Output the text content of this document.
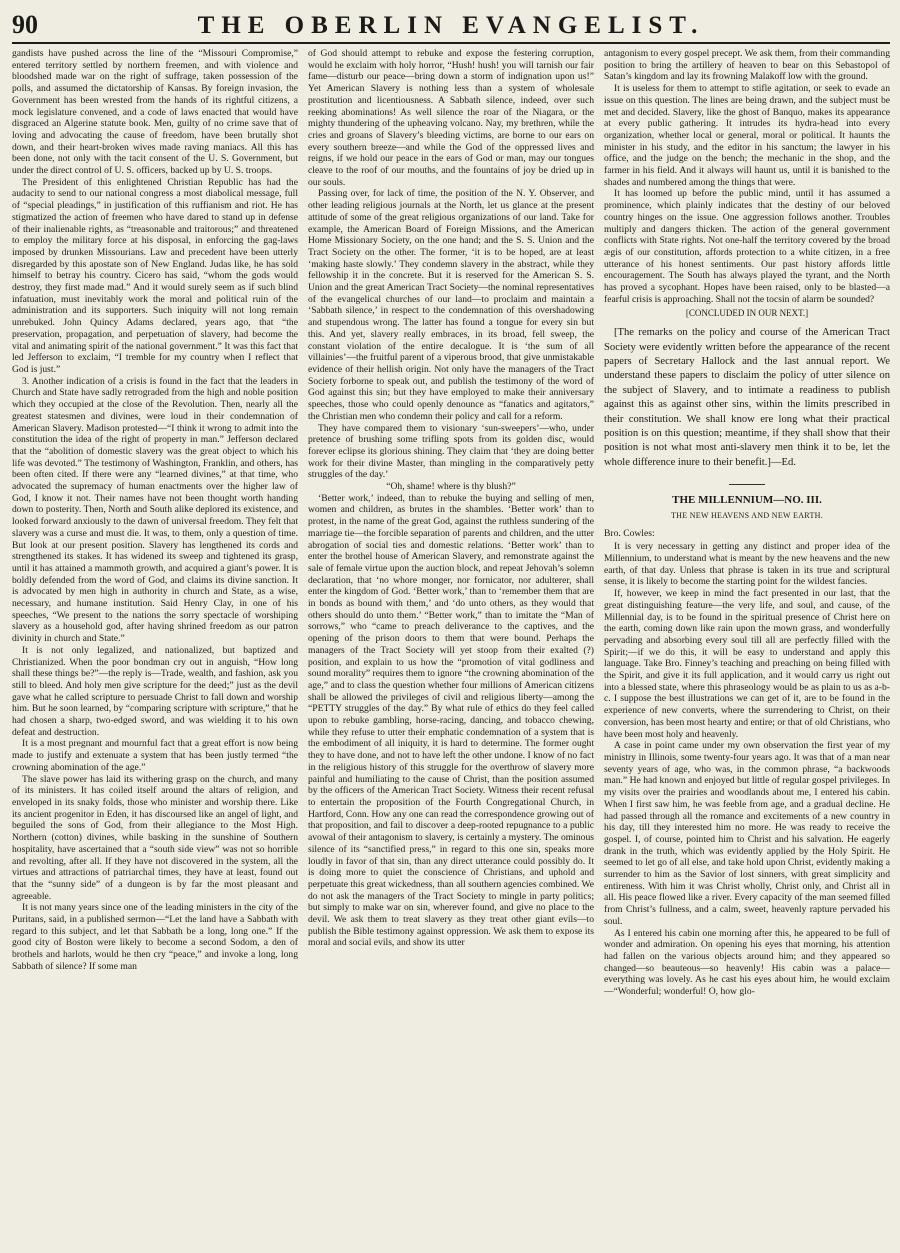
90	THE OBERLIN EVANGELIST.

gandists have pushed across the line of the “Missouri Compromise,” entered territory settled by northern freemen, and with violence and bloodshed made war on the right of suffrage, taken possession of the polls, and assumed the dictatorship of Kansas. By foreign invasion, the Government has been wrested from the hands of its rightful citizens, a mock legislature convened, and a code of laws enacted that would have disgraced an Algerine statute book. Men, guilty of no crime save that of loving and advocating the cause of freedom, have been brutally shot down, and their heart-broken wives made raving maniacs. All this has been done, not only with the tacit consent of the U. S. Government, but under the direct control of U. S. officers, backed up by U. S. troops.

The President of this enlightened Christian Republic has had the audacity to send to our national congress a most diabolical message, full of “special pleadings,” in justification of this ruffianism and riot. He has stigmatized the action of freemen who have dared to stand up in defense of their inalienable rights, as “treasonable and traitorous;” and threatened to employ the military force at his disposal, in enforcing the gag-laws imposed by drunken Missourians. Law and precedent have been utterly disregarded by this apostate son of New England. Judas like, he has sold himself to betray his country. Cicero has said, “whom the gods would destroy, they first made mad.” And it would surely seem as if such blind infatuation, must inevitably work the moral and political ruin of the administration and its supporters. Such iniquity will not long remain unrebuked. John Quincy Adams declared, years ago, that “the preservation, propagation, and perpetuation of slavery, had become the vital and animating spirit of the national government.” It was this fact that led Jefferson to exclaim, “I tremble for my country when I reflect that God is just.”

3. Another indication of a crisis is found in the fact that the leaders in Church and State have sadly retrograded from the high and noble position which they occupied at the close of the Revolution. Then, nearly all the greatest statesmen and divines, were loud in their condemnation of American Slavery. Madison protested—“I think it wrong to admit into the constitution the idea of the right of property in man.” Jefferson declared that the “abolition of domestic slavery was the great object to which his life was devoted.” The testimony of Washington, Franklin, and others, has been often cited. If there were any “learned divines,” at that time, who advocated the supremacy of human enactments over the higher law of God, I know it not. Their names have not been thought worth handing down to posterity. Then, North and South alike deplored its existence, and looked forward anxiously to the dawn of universal freedom. They felt that slavery was a curse and must die. It was, to them, only a question of time. But look at our present position. Slavery has lengthened its cords and strengthened its stakes. It has widened its sweep and tightened its grasp, until it has attained a mammoth growth, and acquired a giant’s power. It is boldly defended from the word of God, and claims its divine sanction. It is advocated by men high in authority in church and State, as a wise, necessary, and humane institution. Said Henry Clay, in one of his speeches, “We present to the nations the sorry spectacle of worshiping slavery as a household god, after having shrined freedom as our patron divinity in church and State.”

It is not only legalized, and nationalized, but baptized and Christianized. When the poor bondman cry out in anguish, “How long shall these things be?”—the reply is—Trade, wealth, and fashion, ask you still to bleed. And holy men give scripture for the deed;” just as the devil gave what he called scripture to persuade Christ to fall down and worship him. But he soon learned, by “comparing scripture with scripture,” that he had chosen a sharp, two-edged sword, and was wielding it to his own defeat and destruction.

It is a most pregnant and mournful fact that a great effort is now being made to justify and extenuate a system that has been justly termed “the crowning abomination of the age.”

The slave power has laid its withering grasp on the church, and many of its ministers. It has coiled itself around the altars of religion, and enveloped in its snaky folds, those who minister and worship there. Like its ancient progenitor in Eden, it has discoursed like an angel of light, and beguiled the sons of God, from their allegiance to the Most High. Northern (cotton) divines, while basking in the sunshine of Southern hospitality, have ascertained that a “south side view” was not so horrible and revolting, after all. If they have not discovered in the system, all the virtues and attractions of patriarchal times, they have at least, found out that the “sunny side” of a dungeon is by far the most pleasant and agreeable.

It is not many years since one of the leading ministers in the city of the Puritans, said, in a published sermon—“Let the land have a Sabbath with regard to this subject, and let that Sabbath be a long, long one.” If the good city of Boston were likely to become a second Sodom, a den of brothels and harlots, would he then cry “peace,” and invoke a long, long Sabbath of silence? If some man

of God should attempt to rebuke and expose the festering corruption, would he exclaim with holy horror, “Hush! hush! you will tarnish our fair fame—disturb our peace—bring down a storm of indignation upon us!” Yet American Slavery is nothing less than a system of wholesale prostitution and licentiousness. A Sabbath silence, indeed, over such reeking abominations! As well silence the roar of the Niagara, or the mighty thundering of the upheaving volcano. Nay, my brethren, while the cries and groans of Slavery’s bleeding victims, are borne to our ears on every southern breeze—and while the God of the oppressed lives and reigns, if we hold our peace in the ears of God or man, may our tongues cleave to the roof of our mouths, and the fountains of joy be dried up in our souls.

Passing over, for lack of time, the position of the N. Y. Observer, and other leading religious journals at the North, let us glance at the present attitude of some of the great religious organizations of our land. Take for example, the American Board of Foreign Missions, and the American Home Missionary Society, on the one hand; and the S. S. Union and the Tract Society on the other. The former, ‘it is to be hoped, are at least ‘making haste slowly.’ They condemn slavery in the abstract, while they fellowship it in the concrete. But it is reserved for the American S. S. Union and the great American Tract Society—the nominal representatives of the evangelical churches of our land—to proclaim and maintain a ‘Sabbath silence,’ in respect to the condemnation of this overshadowing and stupendous wrong. The latter has found a tongue for every sin but this. And yet, slavery really embraces, in its broad, fell sweep, the constant violation of the entire decalogue. It is ‘the sum of all villainies’—the fruitful parent of a viperous brood, that give unmistakable evidence of their hellish origin. Not only have the managers of the Tract Society forborne to speak out, and publish the testimony of the word of God against this sin; but they have employed to make their anniversary speeches, those who could openly denounce as “fanatics and agitators,” the Christian men who condemn their policy and call for a reform.

They have compared them to visionary ‘sun-sweepers’—who, under pretence of brushing some trifling spots from its golden disc, would forever eclipse its glorious shining. They claim that ‘they are doing better work for their divine Master, than mingling in the comparatively petty struggles of the day.’

“Oh, shame! where is thy blush?”

‘Better work,’ indeed, than to rebuke the buying and selling of men, women and children, as brutes in the shambles. ‘Better work’ than to protest, in the name of the great God, against the ruthless sundering of the marriage tie—the forcible separation of parents and children, and the utter abrogation of social ties and domestic relations. ‘Better work’ than to enter the brothel house of American Slavery, and remonstrate against the sale of female virtue upon the auction block, and repeat Jehovah’s solemn declaration, that ‘no whore monger, nor fornicator, nor adulterer, shall enter the kingdom of God. ‘Better work,’ than to ‘remember them that are in bonds as bound with them,’ and ‘do unto others, as they would that others should do unto them.’ “Better work,” than to imitate the “Man of sorrows,” who “came to preach deliverance to the captives, and the opening of the prison doors to them that were bound. Perhaps the managers of the Tract Society will yet stoop from their exalted (?) position, and explain to us how the “promotion of vital godliness and sound morality” requires them to ignore “the crowning abomination of the age,” and to class the question whether four millions of American citizens shall be allowed the privileges of civil and religious liberty—among the “PETTY struggles of the day.” By what rule of ethics do they feel called upon to rebuke gambling, horse-racing, dancing, and tobacco chewing, while they refuse to utter their emphatic condemnation of a system that is the embodiment of all iniquity, it is hard to determine. The former ought they to have done, and not to have left the other undone. I know of no fact in the religious history of this struggle for the overthrow of slavery more painful and humiliating to the cause of Christ, than the position assumed by the officers of the American Tract Society. Witness their recent refusal to entertain the proposition of the Fourth Congregational Church, in Hartford, Conn. How any one can read the correspondence growing out of that proposition, and fail to discover a deep-rooted repugnance to a public avowal of their antagonism to slavery, is certainly a mystery. The ominous silence of its “sanctified press,” in regard to this one sin, speaks more loudly in favor of that sin, than any direct utterance could possibly do. It is doing more to quiet the conscience of Christians, and uphold and perpetuate this great wickedness, than all southern agencies combined. We do not ask the managers of the Tract Society to mingle in party politics; but simply to make war on sin, wherever found, and give no place to the devil. We ask them to treat slavery as they treat other giant evils—to publish the Bible testimony against oppression. We ask them to expose its moral and social evils, and show its utter

antagonism to every gospel precept. We ask them, from their commanding position to bring the artillery of heaven to bear on this Sebastopol of Satan’s kingdom and lay its frowning Malakoff low with the ground.

It is useless for them to attempt to stifle agitation, or seek to evade an issue on this question. The lines are being drawn, and the subject must be met and decided. Slavery, like the ghost of Banquo, makes its appearance at every public gathering. It intrudes its hydra-head into every organization, whether local or general, moral or political. It haunts the minister in his study, and the editor in his sanctum; the lawyer in his office, and the judge on the bench; the mechanic in the shop, and the farmer in his field. And it always will haunt us, until it is banished to the shades and numbered among the things that were.

It has loomed up before the public mind, until it has assumed a prominence, which plainly indicates that the destiny of our beloved country hinges on the issue. One aggression follows another. Troubles multiply and dangers thicken. The action of the general government conflicts with State rights. Not one-half the territory covered by the broad ægis of our constitution, affords protection to a white citizen, in a free utterance of his honest sentiments. Our past history affords little encouragement. The South has always played the tyrant, and the North has proved a sycophant. Hopes have been raised, only to be blasted—a fearful crisis is approaching. Shall not the tocsin of alarm be sounded?

[CONCLUDED IN OUR NEXT.]

[The remarks on the policy and course of the American Tract Society were evidently written before the appearance of the recent papers of Secretary Hallock and the last annual report. We understand these papers to disclaim the policy of utter silence on the subject of Slavery, and to intimate a readiness to publish against this as against other sins, within the limits prescribed in their constitution. We shall know ere long what their practical position is on this question; meantime, if they shall show that their position is not what most anti-slavery men think it to be, let the whole difference inure to their benefit.]—Ed.

THE MILLENNIUM—NO. III.
THE NEW HEAVENS AND NEW EARTH.
Bro. Cowles:

It is very necessary in getting any distinct and proper idea of the Millennium, to understand what is meant by the new heavens and the new earth, of that day. Unless that phrase is taken in its true and scriptural sense, it is likely to become the starting point for the wildest fancies.

If, however, we keep in mind the fact presented in our last, that the great distinguishing feature—the very life, and soul, and cause, of the Millennial day, is to be found in the spiritual presence of Christ here on the earth, coming down like rain upon the mown grass, and wonderfully pervading and absorbing every soul till all are perfectly filled with the Spirit;—if we do this, it will be easy to understand and apply this language. Take Bro. Finney’s teaching and preaching on being filled with the Spirit, and give it its full application, and it would carry us right out into a blessed state, where this phraseology would be as plain to us as a-b-c. I suppose the best illustrations we can get of it, are to be found in the experience of new converts, where the surrendering to Christ, on their conversion, has been most hearty and entire; or that of old Christians, who have been most holy and heavenly.

A case in point came under my own observation the first year of my ministry in Illinois, some twenty-four years ago. It was that of a man near seventy years of age, who was, in the common phrase, “a backwoods man.” He had known and enjoyed but little of regular gospel privileges. In my visits over the prairies and woodlands about me, I entered his cabin. When I first saw him, he was feeble from age, and a gradual decline. He had passed through all the romance and excitements of a new country in his day, till they interested him no more. He was ready to receive the gospel. I, of course, pointed him to Christ and his salvation. He eagerly drank in the truth, which was evidently applied by the Holy Spirit. He seemed to let go of all else, and take hold upon Christ, evidently making a surrender to him as the Savior of lost sinners, with great simplicity and entireness. With him it was Christ wholly, Christ only, and Christ all in all. His peace flowed like a river. Every capacity of the man seemed filled from Christ’s fullness, and a calm, sweet, heavenly rapture pervaded his soul.

As I entered his cabin one morning after this, he appeared to be full of wonder and admiration. On opening his eyes that morning, his attention had fallen on the various objects around him; and they appeared so changed—so beauteous—so heavenly! His cabin was a palace—everything was lovely. As he cast his eyes about him, he would exclaim—“Wonderful; wonderful! O, how glo-
